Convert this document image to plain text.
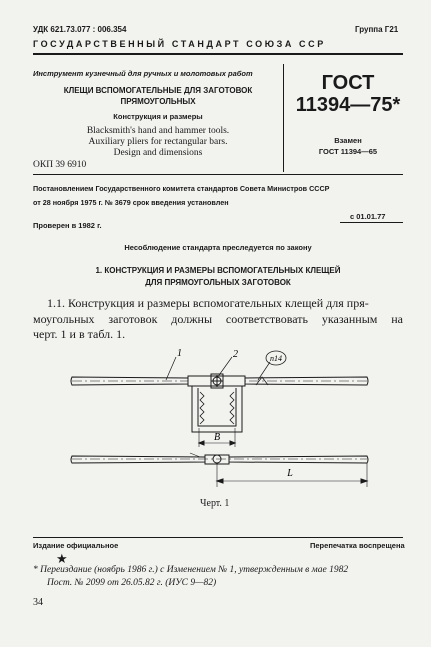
УДК 621.73.077 : 006.354	Группа Г21
ГОСУДАРСТВЕННЫЙ СТАНДАРТ СОЮЗА ССР
Инструмент кузнечный для ручных и молотовых работ
КЛЕЩИ ВСПОМОГАТЕЛЬНЫЕ ДЛЯ ЗАГОТОВОК
ПРЯМОУГОЛЬНЫХ
Конструкция и размеры
Blacksmith's hand and hammer tools.
Auxiliary pliers for rectangular bars.
Design and dimensions
ОКП 39 6910
ГОСТ
11394—75*
Взамен
ГОСТ 11394—65
Постановлением Государственного комитета стандартов Совета Министров СССР
от 28 ноября 1975 г. № 3679 срок введения установлен
с 01.01.77
Проверен в 1982 г.
Несоблюдение стандарта преследуется по закону
1. КОНСТРУКЦИЯ И РАЗМЕРЫ ВСПОМОГАТЕЛЬНЫХ КЛЕЩЕЙ
ДЛЯ ПРЯМОУГОЛЬНЫХ ЗАГОТОВОК
1.1. Конструкция и размеры вспомогательных клещей для пря-
моугольных заготовок должны соответствовать указанным на
черт. 1 и в табл. 1.
1	2	n14
B
L
Черт. 1
Издание официальное	Перепечатка воспрещена
★
* Переиздание (ноябрь 1986 г.) с Изменением № 1, утвержденным в мае 1982
Пост. № 2099 от 26.05.82 г. (ИУС 9—82)
34
